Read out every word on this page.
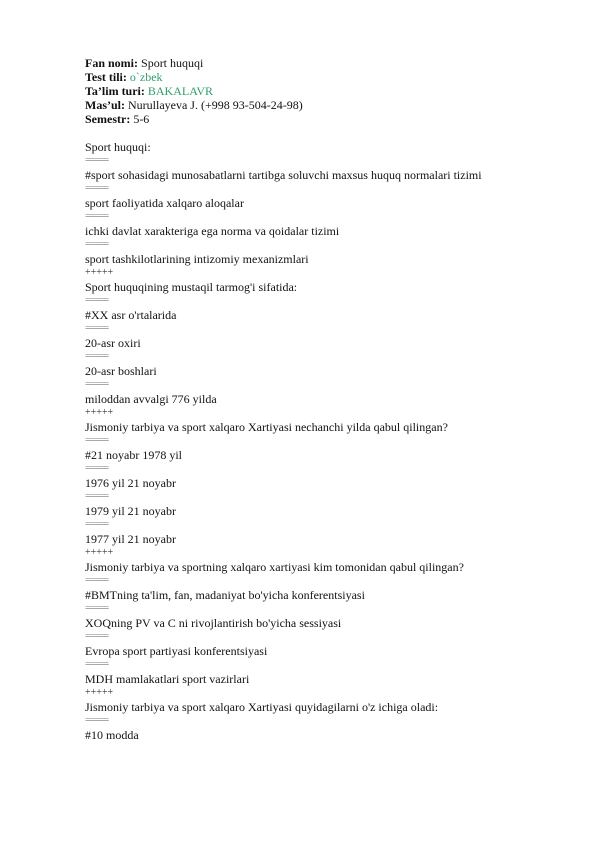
Fan nomi: Sport huquqi
Test tili: o`zbek
Ta’lim turi: BAKALAVR
Mas’ul: Nurullayeva J. (+998 93-504-24-98)
Semestr: 5-6
Sport huquqi:
=====
#sport sohasidagi munosabatlarni tartibga soluvchi maxsus huquq normalari tizimi
=====
sport faoliyatida xalqaro aloqalar
=====
ichki davlat xarakteriga ega norma va qoidalar tizimi
=====
sport tashkilotlarining intizomiy mexanizmlari
+++++
Sport huquqining mustaqil tarmog'i sifatida:
=====
#XX asr o'rtalarida
=====
20-asr oxiri
=====
20-asr boshlari
=====
miloddan avvalgi 776 yilda
+++++
Jismoniy tarbiya va sport xalqaro Xartiyasi nechanchi yilda qabul qilingan?
=====
#21 noyabr 1978 yil
=====
1976 yil 21 noyabr
=====
1979 yil 21 noyabr
=====
1977 yil 21 noyabr
+++++
Jismoniy tarbiya va sportning xalqaro xartiyasi kim tomonidan qabul qilingan?
=====
#BMTning ta'lim, fan, madaniyat bo'yicha konferentsiyasi
=====
XOQning PV va C ni rivojlantirish bo'yicha sessiyasi
=====
Evropa sport partiyasi konferentsiyasi
=====
MDH mamlakatlari sport vazirlari
+++++
Jismoniy tarbiya va sport xalqaro Xartiyasi quyidagilarni o'z ichiga oladi:
=====
#10 modda
